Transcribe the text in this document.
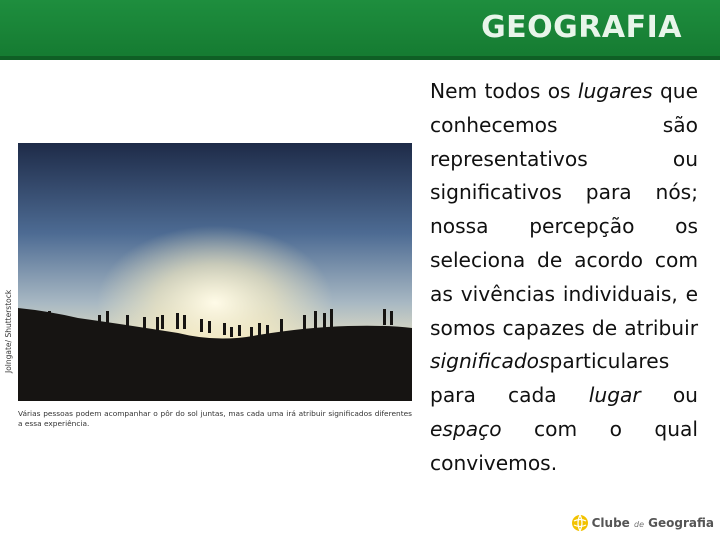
GEOGRAFIA
Jolngate/ Shutterstock
Várias pessoas podem acompanhar o pôr do sol juntas, mas cada uma irá atribuir significados diferentes a essa experiência.
Nem todos os lugares que conhecemos são representativos ou significativos para nós; nossa percepção os seleciona de acordo com as vivências individuais, e somos capazes de atribuir significadosparticulares para cada lugar ou espaço com o qual convivemos.
Clube de Geografia
